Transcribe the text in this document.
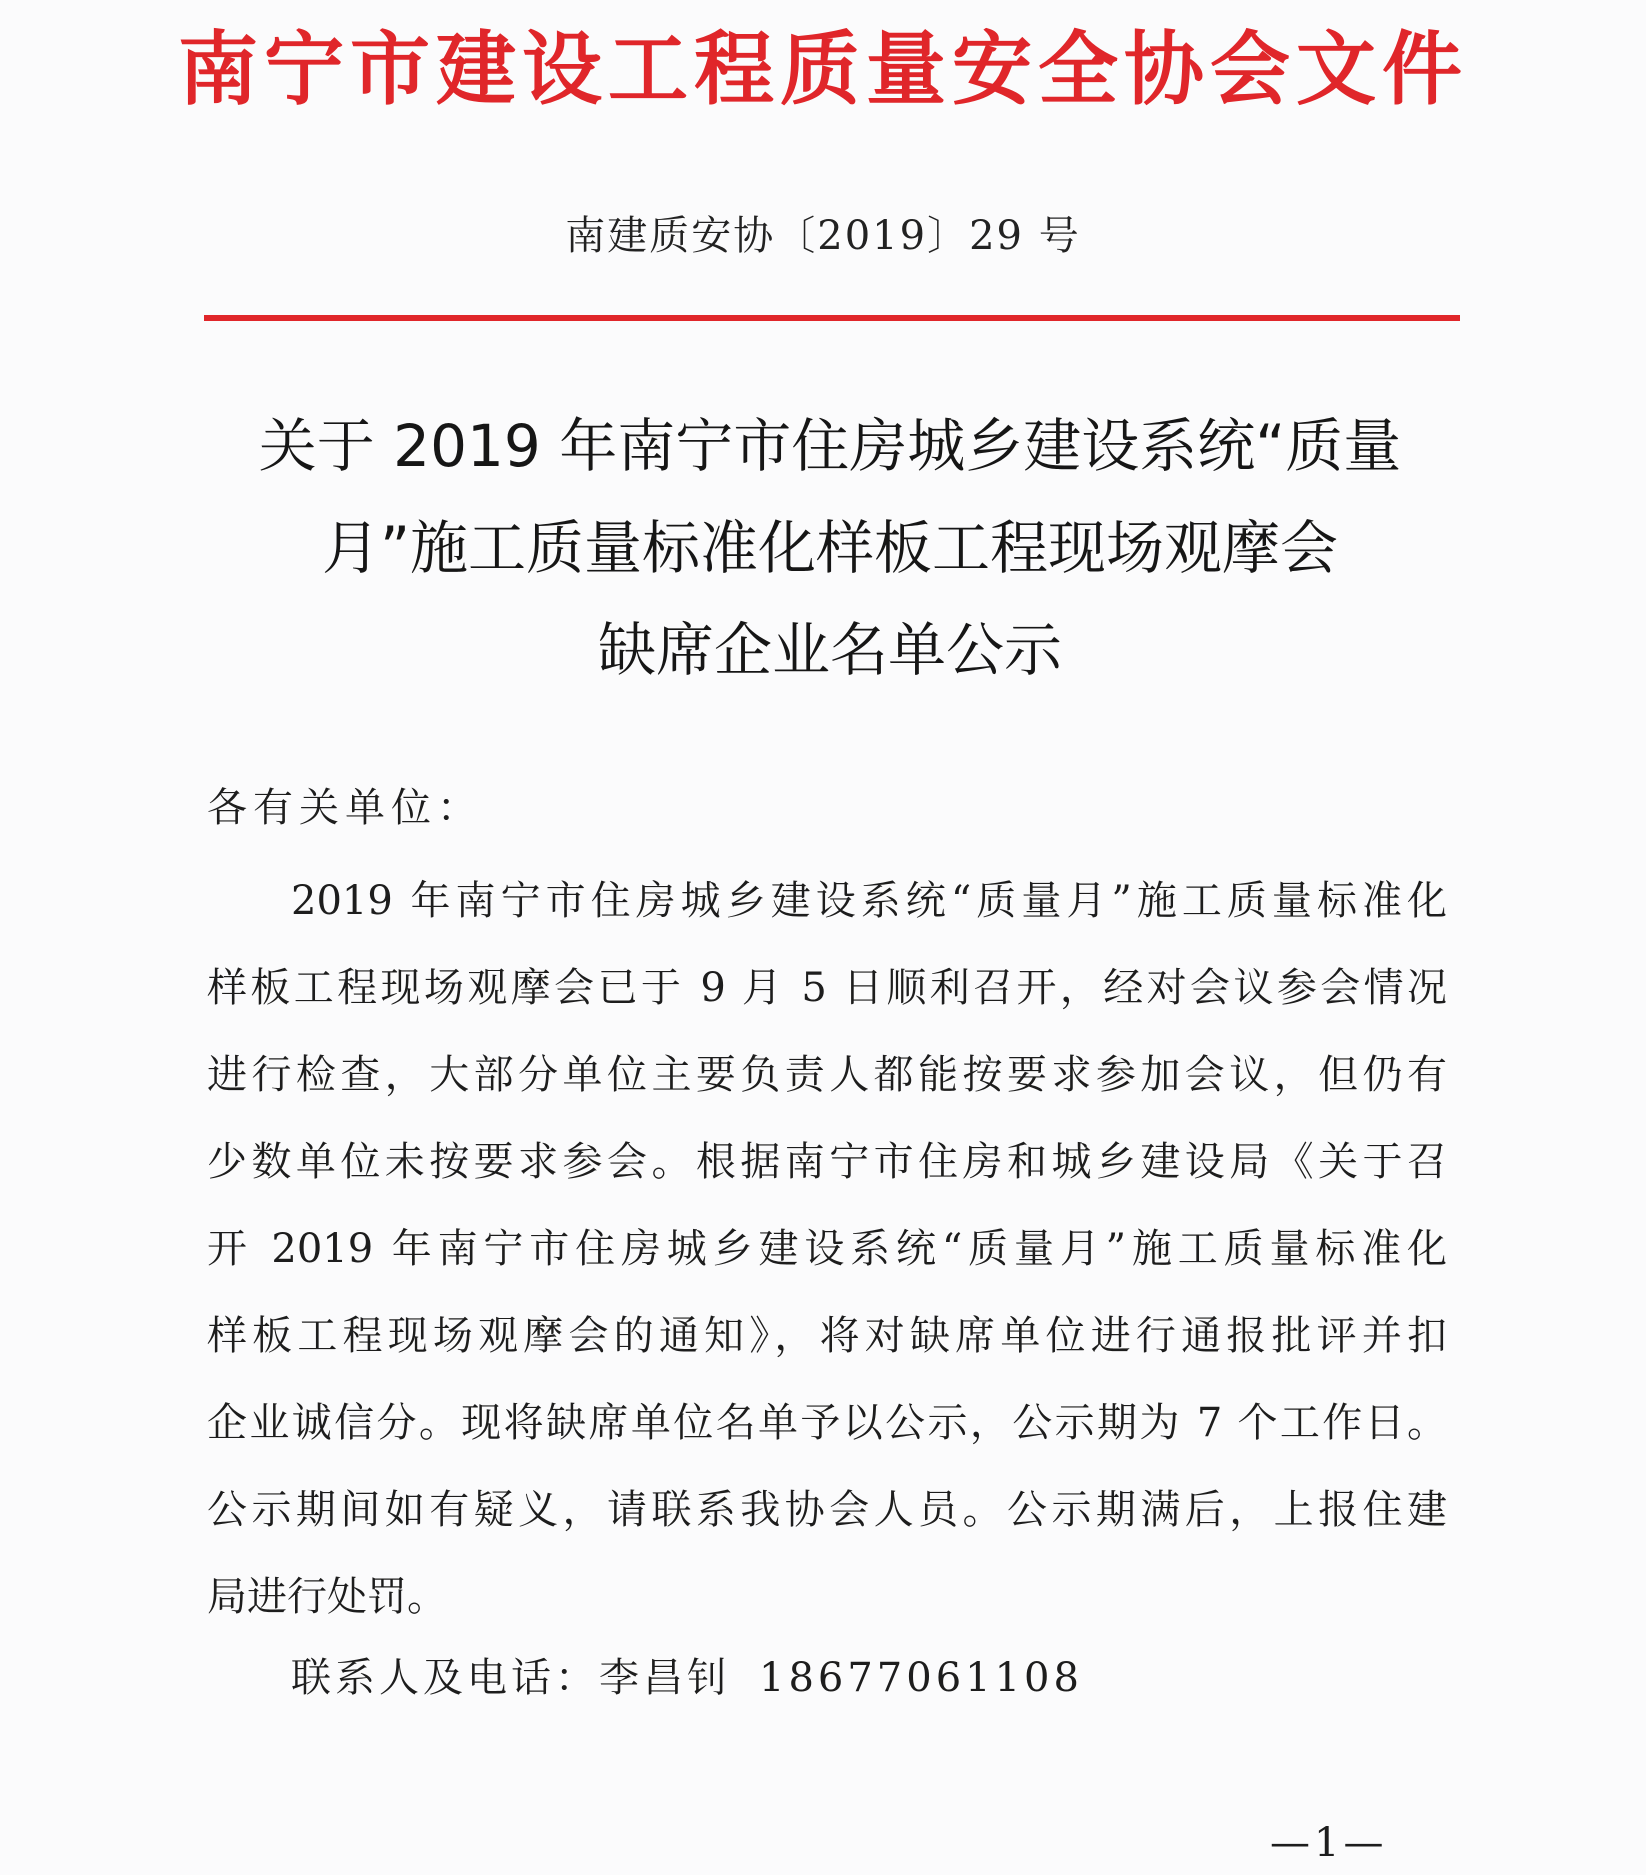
南宁市建设工程质量安全协会文件
南建质安协〔2019〕29 号
关于 2019 年南宁市住房城乡建设系统“质量
月”施工质量标准化样板工程现场观摩会
缺席企业名单公示
各有关单位：
2019 年南宁市住房城乡建设系统“质量月”施工质量标准化
样板工程现场观摩会已于 9 月 5 日顺利召开，经对会议参会情况
进行检查，大部分单位主要负责人都能按要求参加会议，但仍有
少数单位未按要求参会。根据南宁市住房和城乡建设局《关于召
开 2019 年南宁市住房城乡建设系统“质量月”施工质量标准化
样板工程现场观摩会的通知》，将对缺席单位进行通报批评并扣
企业诚信分。现将缺席单位名单予以公示，公示期为 7 个工作日。
公示期间如有疑义，请联系我协会人员。公示期满后，上报住建
局进行处罚。
联系人及电话：李昌钊 18677061108
—1—
